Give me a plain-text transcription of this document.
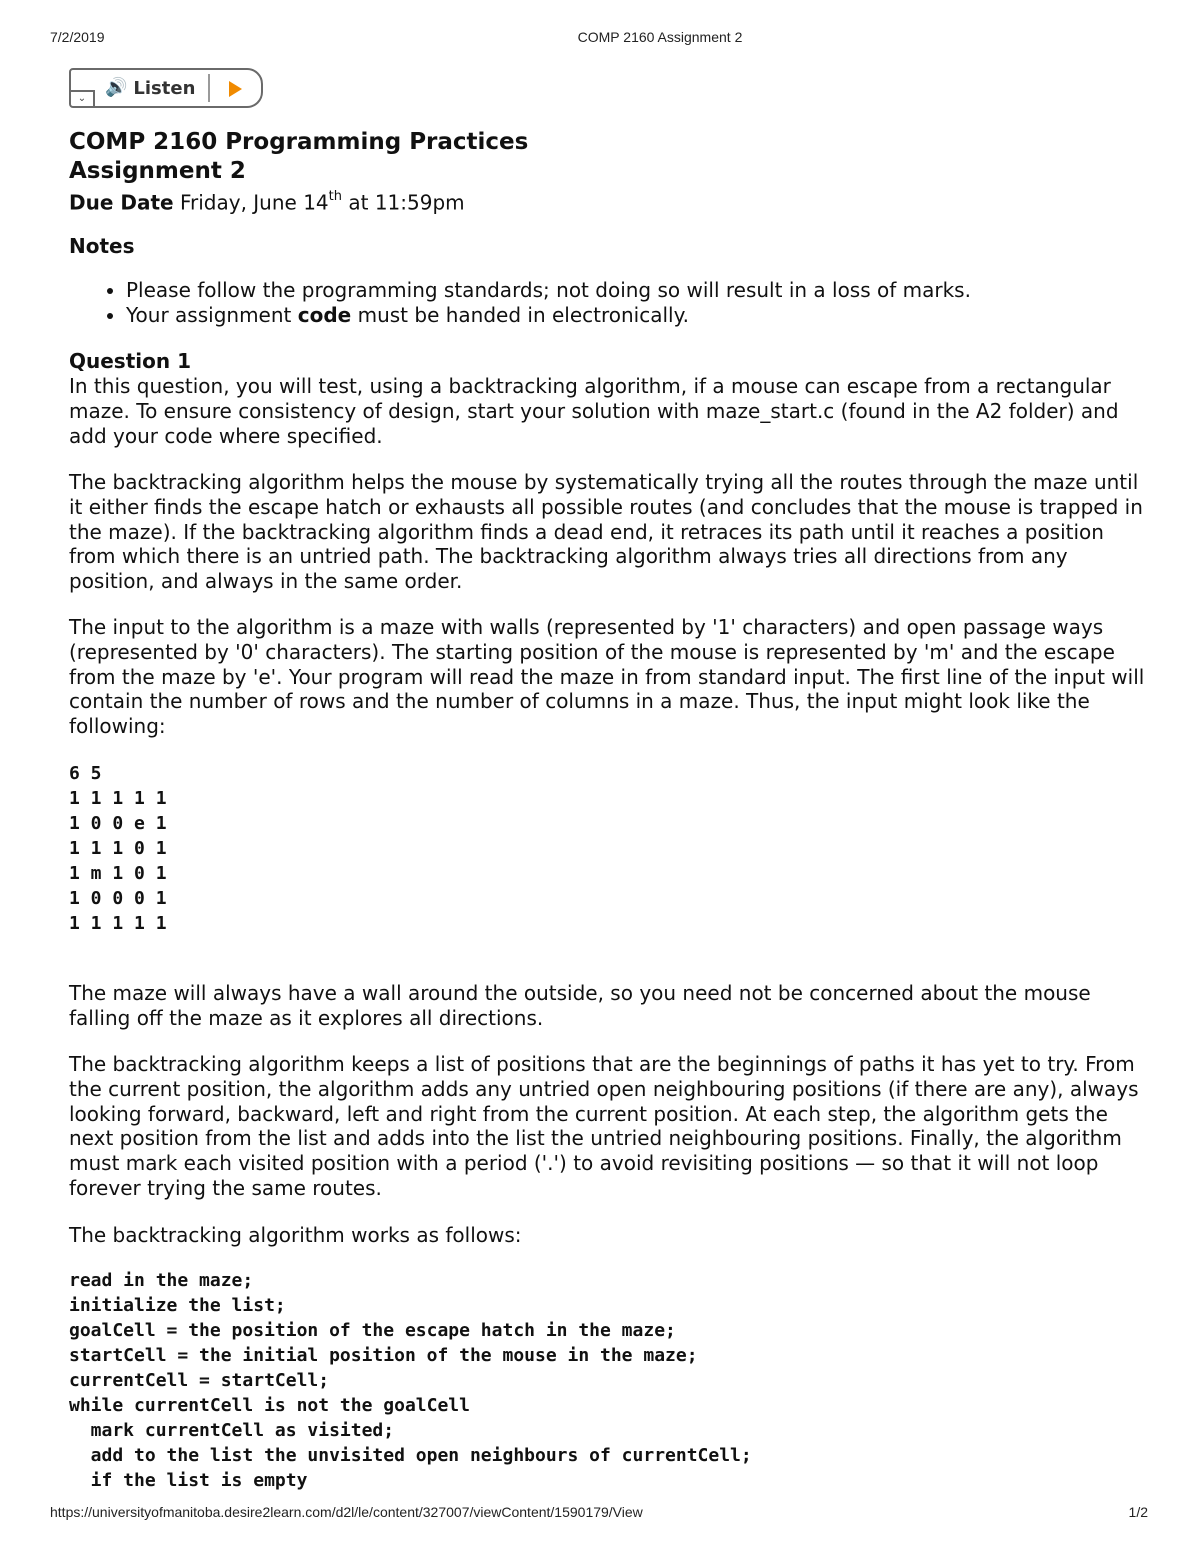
7/2/2019	COMP 2160 Assignment 2
⌄
🔊 Listen
COMP 2160 Programming Practices
Assignment 2
Due Date Friday, June 14th at 11:59pm
Notes
• Please follow the programming standards; not doing so will result in a loss of marks.
• Your assignment code must be handed in electronically.
Question 1

In this question, you will test, using a backtracking algorithm, if a mouse can escape from a rectangular maze. To ensure consistency of design, start your solution with maze_start.c (found in the A2 folder) and add your code where specified.

The backtracking algorithm helps the mouse by systematically trying all the routes through the maze until it either finds the escape hatch or exhausts all possible routes (and concludes that the mouse is trapped in the maze). If the backtracking algorithm finds a dead end, it retraces its path until it reaches a position from which there is an untried path. The backtracking algorithm always tries all directions from any position, and always in the same order.

The input to the algorithm is a maze with walls (represented by '1' characters) and open passage ways (represented by '0' characters). The starting position of the mouse is represented by 'm' and the escape from the maze by 'e'. Your program will read the maze in from standard input. The first line of the input will contain the number of rows and the number of columns in a maze. Thus, the input might look like the following:

6 5
1 1 1 1 1
1 0 0 e 1
1 1 1 0 1
1 m 1 0 1
1 0 0 0 1
1 1 1 1 1

The maze will always have a wall around the outside, so you need not be concerned about the mouse falling off the maze as it explores all directions.

The backtracking algorithm keeps a list of positions that are the beginnings of paths it has yet to try. From the current position, the algorithm adds any untried open neighbouring positions (if there are any), always looking forward, backward, left and right from the current position. At each step, the algorithm gets the next position from the list and adds into the list the untried neighbouring positions. Finally, the algorithm must mark each visited position with a period ('.') to avoid revisiting positions — so that it will not loop forever trying the same routes.

The backtracking algorithm works as follows:

read in the maze;
initialize the list;
goalCell = the position of the escape hatch in the maze;
startCell = the initial position of the mouse in the maze;
currentCell = startCell;
while currentCell is not the goalCell
mark currentCell as visited;
add to the list the unvisited open neighbours of currentCell;
if the list is empty
https://universityofmanitoba.desire2learn.com/d2l/le/content/327007/viewContent/1590179/View	1/2
